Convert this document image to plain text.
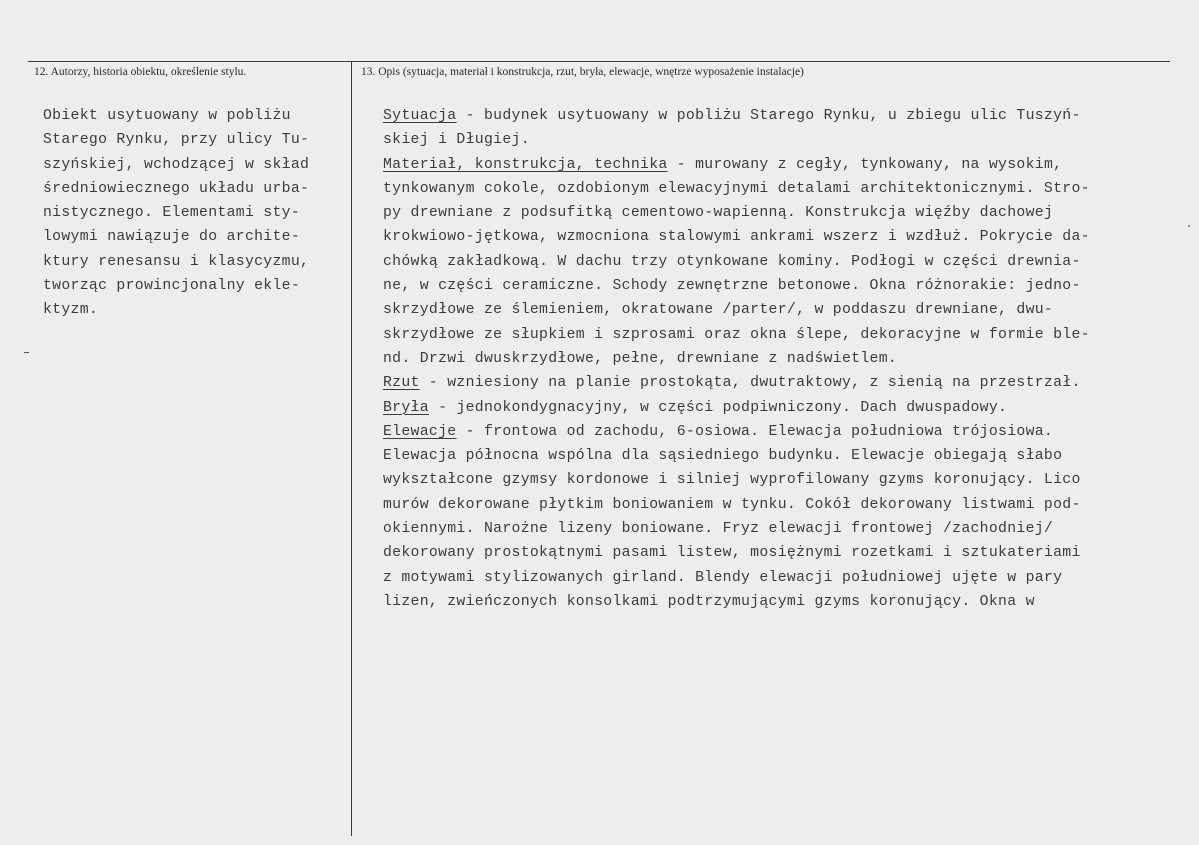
12. Autorzy, historia obiektu, określenie stylu.	13. Opis (sytuacja, materiał i konstrukcja, rzut, bryła, elewacje, wnętrze wyposażenie instalacje)
Obiekt usytuowany w pobliżu
Starego Rynku, przy ulicy Tu-
szyńskiej, wchodzącej w skład
średniowiecznego układu urba-
nistycznego. Elementami sty-
lowymi nawiązuje do archite-
ktury renesansu i klasycyzmu,
tworząc prowincjonalny ekle-
ktyzm.
Sytuacja - budynek usytuowany w pobliżu Starego Rynku, u zbiegu ulic Tuszyń-
skiej i Długiej.
Materiał, konstrukcja, technika - murowany z cegły, tynkowany, na wysokim,
tynkowanym cokole, ozdobionym elewacyjnymi detalami architektonicznymi. Stro-
py drewniane z podsufitką cementowo-wapienną. Konstrukcja więźby dachowej
krokwiowo-jętkowa, wzmocniona stalowymi ankrami wszerz i wzdłuż. Pokrycie da-
chówką zakładkową. W dachu trzy otynkowane kominy. Podłogi w części drewnia-
ne, w części ceramiczne. Schody zewnętrzne betonowe. Okna różnorakie: jedno-
skrzydłowe ze ślemieniem, okratowane /parter/, w poddaszu drewniane, dwu-
skrzydłowe ze słupkiem i szprosami oraz okna ślepe, dekoracyjne w formie ble-
nd. Drzwi dwuskrzydłowe, pełne, drewniane z nadświetlem.
Rzut - wzniesiony na planie prostokąta, dwutraktowy, z sienią na przestrzał.
Bryła - jednokondygnacyjny, w części podpiwniczony. Dach dwuspadowy.
Elewacje - frontowa od zachodu, 6-osiowa. Elewacja południowa trójosiowa.
Elewacja północna wspólna dla sąsiedniego budynku. Elewacje obiegają słabo
wykształcone gzymsy kordonowe i silniej wyprofilowany gzyms koronujący. Lico
murów dekorowane płytkim boniowaniem w tynku. Cokół dekorowany listwami pod-
okiennymi. Narożne lizeny boniowane. Fryz elewacji frontowej /zachodniej/
dekorowany prostokątnymi pasami listew, mosiężnymi rozetkami i sztukateriami
z motywami stylizowanych girland. Blendy elewacji południowej ujęte w pary
lizen, zwieńczonych konsolkami podtrzymującymi gzyms koronujący. Okna w
